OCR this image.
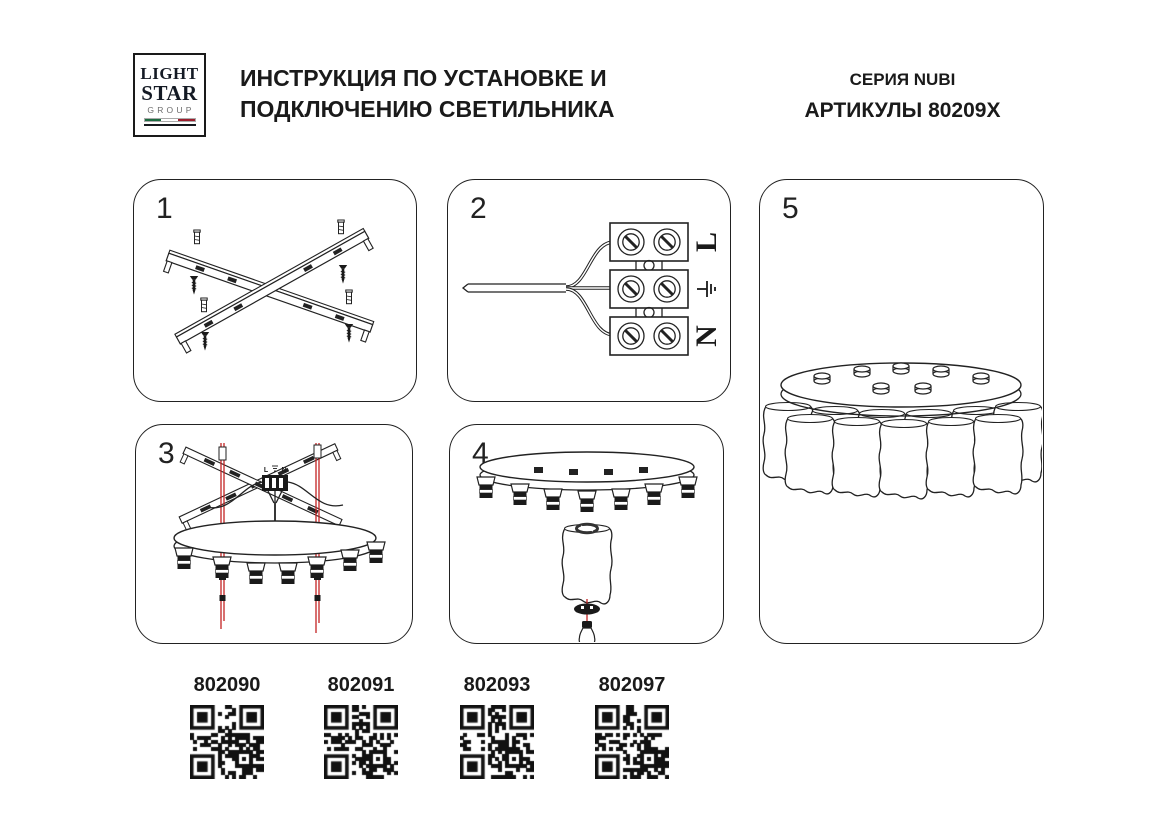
LIGHT
STAR
GROUP
ИНСТРУКЦИЯ ПО УСТАНОВКЕ И
ПОДКЛЮЧЕНИЮ СВЕТИЛЬНИКА
СЕРИЯ NUBI
АРТИКУЛЫ 80209X
1	2
L
N
3
L N
4
5
802090	802091	802093	802097
